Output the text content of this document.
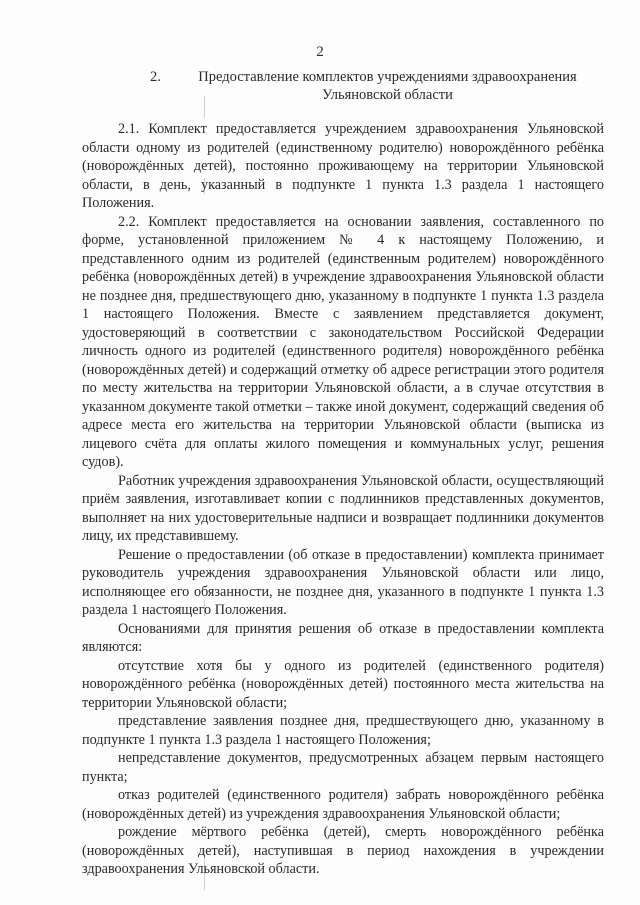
2
2.	Предоставление комплектов учреждениями здравоохранения Ульяновской области

2.1. Комплект предоставляется учреждением здравоохранения Ульяновской области одному из родителей (единственному родителю) новорождённого ребёнка (новорождённых детей), постоянно проживающему на территории Ульяновской области, в день, указанный в подпункте 1 пункта 1.3 раздела 1 настоящего Положения.

2.2. Комплект предоставляется на основании заявления, составленного по форме, установленной приложением № 4 к настоящему Положению, и представленного одним из родителей (единственным родителем) новорождённого ребёнка (новорождённых детей) в учреждение здравоохранения Ульяновской области не позднее дня, предшествующего дню, указанному в подпункте 1 пункта 1.3 раздела 1 настоящего Положения. Вместе с заявлением представляется документ, удостоверяющий в соответствии с законодательством Российской Федерации личность одного из родителей (единственного родителя) новорождённого ребёнка (новорождённых детей) и содержащий отметку об адресе регистрации этого родителя по месту жительства на территории Ульяновской области, а в случае отсутствия в указанном документе такой отметки – также иной документ, содержащий сведения об адресе места его жительства на территории Ульяновской области (выписка из лицевого счёта для оплаты жилого помещения и коммунальных услуг, решения судов).

Работник учреждения здравоохранения Ульяновской области, осуществляющий приём заявления, изготавливает копии с подлинников представленных документов, выполняет на них удостоверительные надписи и возвращает подлинники документов лицу, их представившему.

Решение о предоставлении (об отказе в предоставлении) комплекта принимает руководитель учреждения здравоохранения Ульяновской области или лицо, исполняющее его обязанности, не позднее дня, указанного в подпункте 1 пункта 1.3 раздела 1 настоящего Положения.

Основаниями для принятия решения об отказе в предоставлении комплекта являются:

отсутствие хотя бы у одного из родителей (единственного родителя) новорождённого ребёнка (новорождённых детей) постоянного места жительства на территории Ульяновской области;

представление заявления позднее дня, предшествующего дню, указанному в подпункте 1 пункта 1.3 раздела 1 настоящего Положения;

непредставление документов, предусмотренных абзацем первым настоящего пункта;

отказ родителей (единственного родителя) забрать новорождённого ребёнка (новорождённых детей) из учреждения здравоохранения Ульяновской области;

рождение мёртвого ребёнка (детей), смерть новорождённого ребёнка (новорождённых детей), наступившая в период нахождения в учреждении здравоохранения Ульяновской области.
